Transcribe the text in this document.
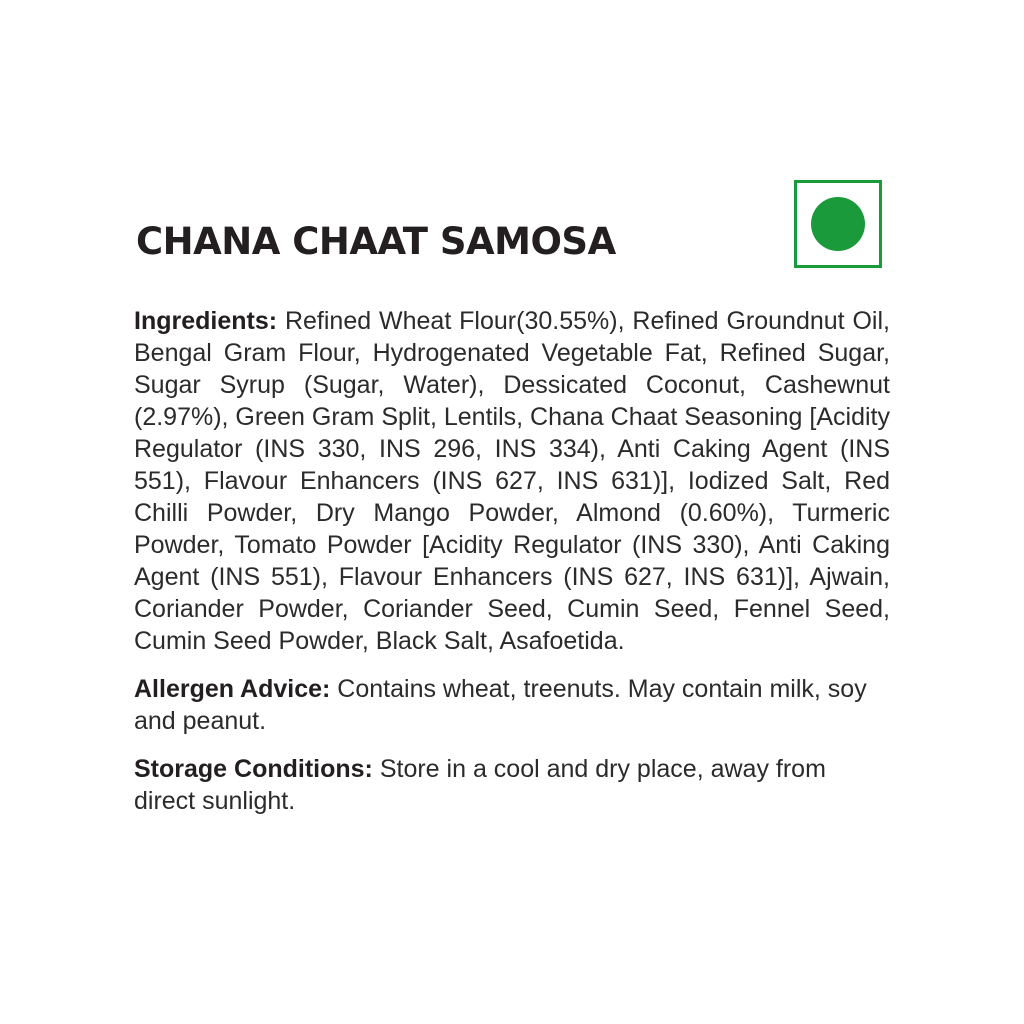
CHANA CHAAT SAMOSA

Ingredients: Refined Wheat Flour(30.55%), Refined Groundnut Oil, Bengal Gram Flour, Hydrogenated Vegetable Fat, Refined Sugar, Sugar Syrup (Sugar, Water), Dessicated Coconut, Cashewnut (2.97%), Green Gram Split, Lentils, Chana Chaat Seasoning [Acidity Regulator (INS 330, INS 296, INS 334), Anti Caking Agent (INS 551), Flavour Enhancers (INS 627, INS 631)], Iodized Salt, Red Chilli Powder, Dry Mango Powder, Almond (0.60%), Turmeric Powder, Tomato Powder [Acidity Regulator (INS 330), Anti Caking Agent (INS 551), Flavour Enhancers (INS 627, INS 631)], Ajwain, Coriander Powder, Coriander Seed, Cumin Seed, Fennel Seed, Cumin Seed Powder, Black Salt, Asafoetida.

Allergen Advice: Contains wheat, treenuts. May contain milk, soy and peanut.

Storage Conditions: Store in a cool and dry place, away from direct sunlight.
